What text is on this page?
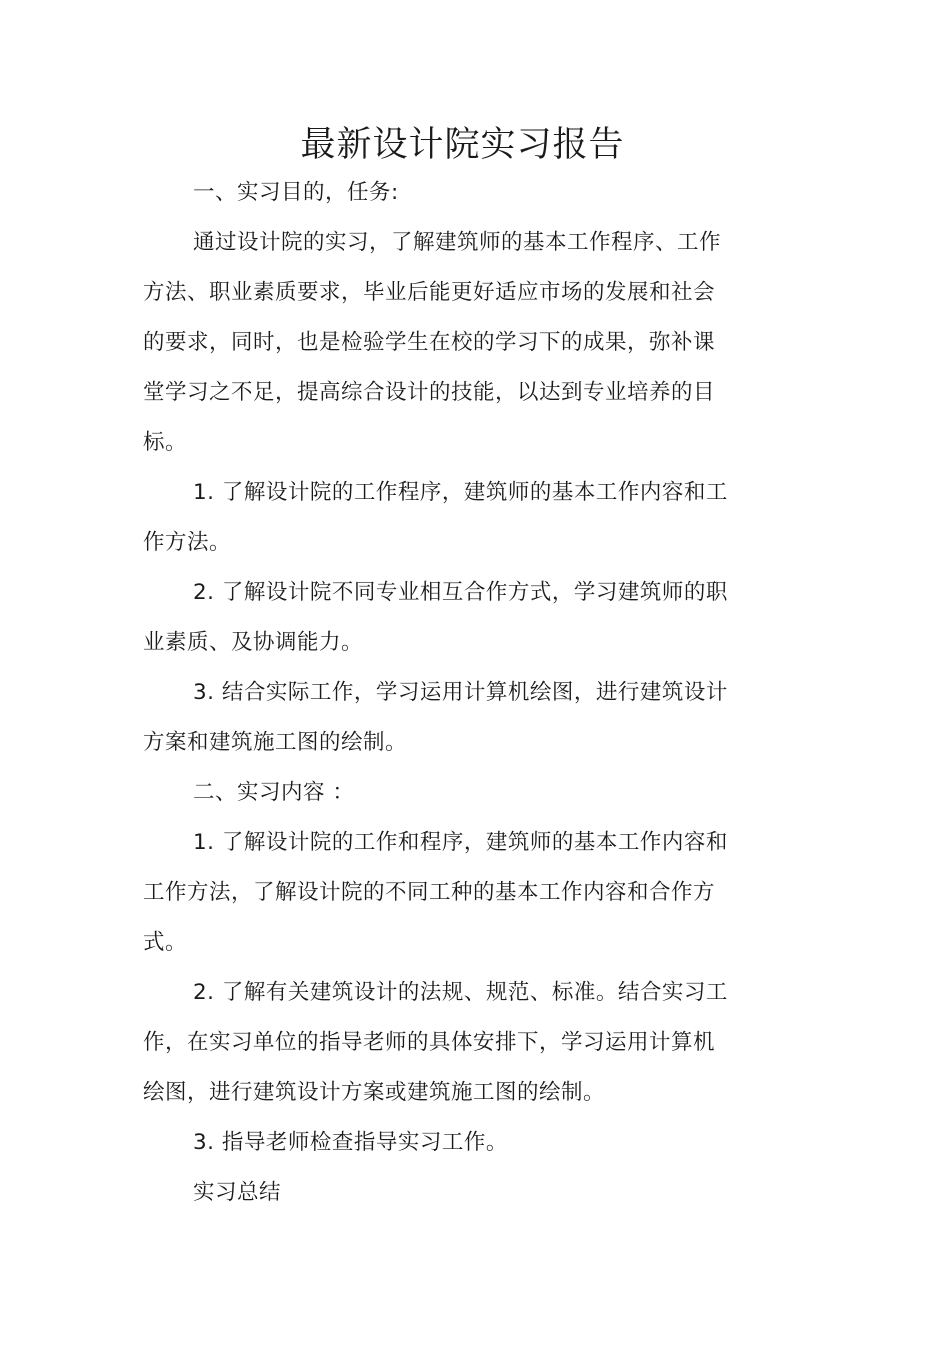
最新设计院实习报告
一、实习目的，任务:
通过设计院的实习，了解建筑师的基本工作程序、工作
方法、职业素质要求，毕业后能更好适应市场的发展和社会
的要求，同时，也是检验学生在校的学习下的成果，弥补课
堂学习之不足，提高综合设计的技能，以达到专业培养的目
标。
1. 了解设计院的工作程序，建筑师的基本工作内容和工
作方法。
2. 了解设计院不同专业相互合作方式，学习建筑师的职
业素质、及协调能力。
3. 结合实际工作，学习运用计算机绘图，进行建筑设计
方案和建筑施工图的绘制。
二、实习内容 ：
1. 了解设计院的工作和程序，建筑师的基本工作内容和
工作方法，了解设计院的不同工种的基本工作内容和合作方
式。
2. 了解有关建筑设计的法规、规范、标准。结合实习工
作，在实习单位的指导老师的具体安排下，学习运用计算机
绘图，进行建筑设计方案或建筑施工图的绘制。
3. 指导老师检查指导实习工作。
实习总结
